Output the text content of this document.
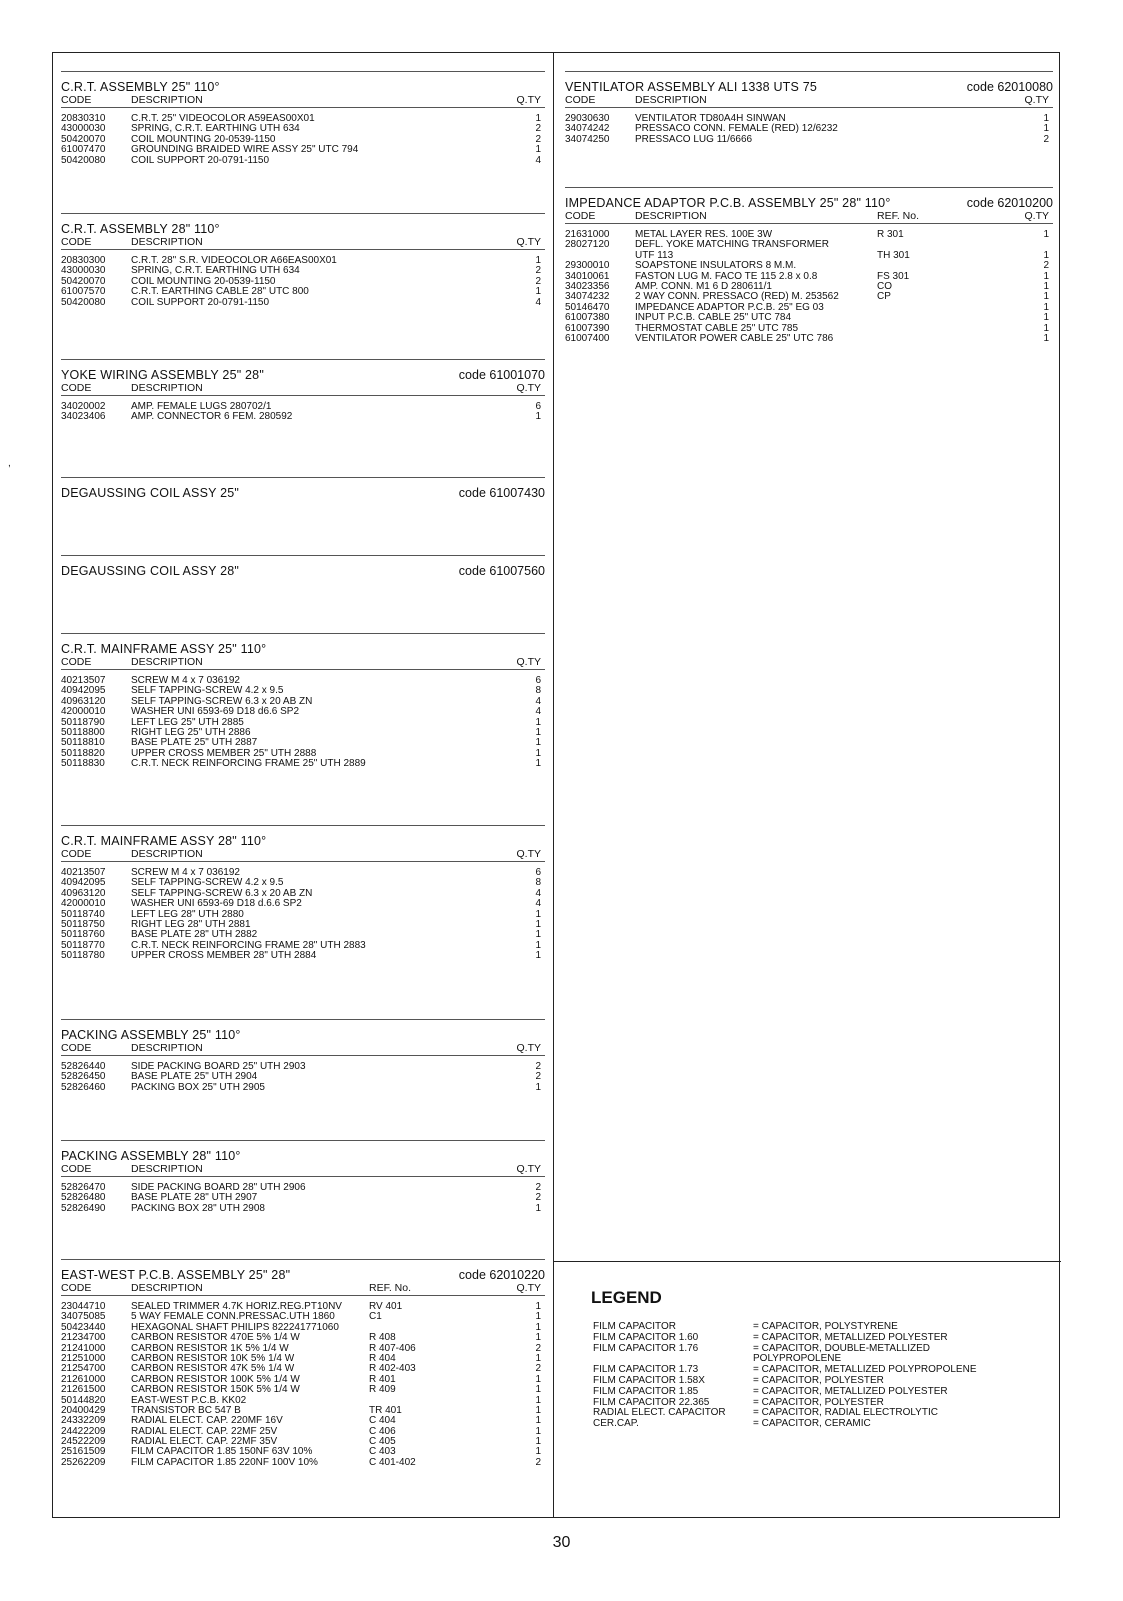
C.R.T. ASSEMBLY 25" 110°
CODE	DESCRIPTION	Q.TY
20830310	C.R.T. 25" VIDEOCOLOR A59EAS00X01	1
43000030	SPRING, C.R.T. EARTHING UTH 634	2
50420070	COIL MOUNTING 20-0539-1150	2
61007470	GROUNDING BRAIDED WIRE ASSY 25" UTC 794	1
50420080	COIL SUPPORT 20-0791-1150	4
C.R.T. ASSEMBLY 28" 110°
CODE	DESCRIPTION	Q.TY
20830300	C.R.T. 28" S.R. VIDEOCOLOR A66EAS00X01	1
43000030	SPRING, C.R.T. EARTHING UTH 634	2
50420070	COIL MOUNTING 20-0539-1150	2
61007570	C.R.T. EARTHING CABLE 28" UTC 800	1
50420080	COIL SUPPORT 20-0791-1150	4
YOKE WIRING ASSEMBLY 25" 28"	code 61001070
CODE	DESCRIPTION	Q.TY
34020002	AMP. FEMALE LUGS 280702/1	6
34023406	AMP. CONNECTOR 6 FEM. 280592	1
DEGAUSSING COIL ASSY 25"	code 61007430
DEGAUSSING COIL ASSY 28"	code 61007560
C.R.T. MAINFRAME ASSY 25" 110°
CODE	DESCRIPTION	Q.TY
40213507	SCREW M 4 x 7 036192	6
40942095	SELF TAPPING-SCREW 4.2 x 9.5	8
40963120	SELF TAPPING-SCREW 6.3 x 20 AB ZN	4
42000010	WASHER UNI 6593-69 D18 d6.6 SP2	4
50118790	LEFT LEG 25" UTH 2885	1
50118800	RIGHT LEG 25" UTH 2886	1
50118810	BASE PLATE 25" UTH 2887	1
50118820	UPPER CROSS MEMBER 25" UTH 2888	1
50118830	C.R.T. NECK REINFORCING FRAME 25" UTH 2889	1
C.R.T. MAINFRAME ASSY 28" 110°
CODE	DESCRIPTION	Q.TY
40213507	SCREW M 4 x 7 036192	6
40942095	SELF TAPPING-SCREW 4.2 x 9.5	8
40963120	SELF TAPPING-SCREW 6.3 x 20 AB ZN	4
42000010	WASHER UNI 6593-69 D18 d.6.6 SP2	4
50118740	LEFT LEG 28" UTH 2880	1
50118750	RIGHT LEG 28" UTH 2881	1
50118760	BASE PLATE 28" UTH 2882	1
50118770	C.R.T. NECK REINFORCING FRAME 28" UTH 2883	1
50118780	UPPER CROSS MEMBER 28" UTH 2884	1
PACKING ASSEMBLY 25" 110°
CODE	DESCRIPTION	Q.TY
52826440	SIDE PACKING BOARD 25" UTH 2903	2
52826450	BASE PLATE 25" UTH 2904	2
52826460	PACKING BOX 25" UTH 2905	1
PACKING ASSEMBLY 28" 110°
CODE	DESCRIPTION	Q.TY
52826470	SIDE PACKING BOARD 28" UTH 2906	2
52826480	BASE PLATE 28" UTH 2907	2
52826490	PACKING BOX 28" UTH 2908	1
EAST-WEST P.C.B. ASSEMBLY 25" 28"	code 62010220
CODE	DESCRIPTION	REF. No.	Q.TY
23044710	SEALED TRIMMER 4.7K HORIZ.REG.PT10NV	RV 401	1
34075085	5 WAY FEMALE CONN.PRESSAC.UTH 1860	C1	1
50423440	HEXAGONAL SHAFT PHILIPS 822241771060	1
21234700	CARBON RESISTOR 470E 5% 1/4 W	R 408	1
21241000	CARBON RESISTOR 1K 5% 1/4 W	R 407-406	2
21251000	CARBON RESISTOR 10K 5% 1/4 W	R 404	1
21254700	CARBON RESISTOR 47K 5% 1/4 W	R 402-403	2
21261000	CARBON RESISTOR 100K 5% 1/4 W	R 401	1
21261500	CARBON RESISTOR 150K 5% 1/4 W	R 409	1
50144820	EAST-WEST P.C.B. KK02	1
20400429	TRANSISTOR BC 547 B	TR 401	1
24332209	RADIAL ELECT. CAP. 220MF 16V	C 404	1
24422209	RADIAL ELECT. CAP. 22MF 25V	C 406	1
24522209	RADIAL ELECT. CAP. 22MF 35V	C 405	1
25161509	FILM CAPACITOR 1.85 150NF 63V 10%	C 403	1
25262209	FILM CAPACITOR 1.85 220NF 100V 10%	C 401-402	2
VENTILATOR ASSEMBLY ALI 1338 UTS 75	code 62010080
CODE	DESCRIPTION	Q.TY
29030630	VENTILATOR TD80A4H SINWAN	1
34074242	PRESSACO CONN. FEMALE (RED) 12/6232	1
34074250	PRESSACO LUG 11/6666	2
IMPEDANCE ADAPTOR P.C.B. ASSEMBLY 25" 28" 110°	code 62010200
CODE	DESCRIPTION	REF. No.	Q.TY
21631000	METAL LAYER RES. 100E 3W	R 301	1
28027120	DEFL. YOKE MATCHING TRANSFORMER
UTF 113	TH 301	1
29300010	SOAPSTONE INSULATORS 8 M.M.	2
34010061	FASTON LUG M. FACO TE 115 2.8 x 0.8	FS 301	1
34023356	AMP. CONN. M1 6 D 280611/1	CO	1
34074232	2 WAY CONN. PRESSACO (RED) M. 253562	CP	1
50146470	IMPEDANCE ADAPTOR P.C.B. 25" EG 03	1
61007380	INPUT P.C.B. CABLE 25" UTC 784	1
61007390	THERMOSTAT CABLE 25" UTC 785	1
61007400	VENTILATOR POWER CABLE 25" UTC 786	1
LEGEND
FILM CAPACITOR	= CAPACITOR, POLYSTYRENE
FILM CAPACITOR 1.60	= CAPACITOR, METALLIZED POLYESTER
FILM CAPACITOR 1.76	= CAPACITOR, DOUBLE-METALLIZED
POLYPROPOLENE
FILM CAPACITOR 1.73	= CAPACITOR, METALLIZED POLYPROPOLENE
FILM CAPACITOR 1.58X	= CAPACITOR, POLYESTER
FILM CAPACITOR 1.85	= CAPACITOR, METALLIZED POLYESTER
FILM CAPACITOR 22.365	= CAPACITOR, POLYESTER
RADIAL ELECT. CAPACITOR	= CAPACITOR, RADIAL ELECTROLYTIC
CER.CAP.	= CAPACITOR, CERAMIC
,
30
